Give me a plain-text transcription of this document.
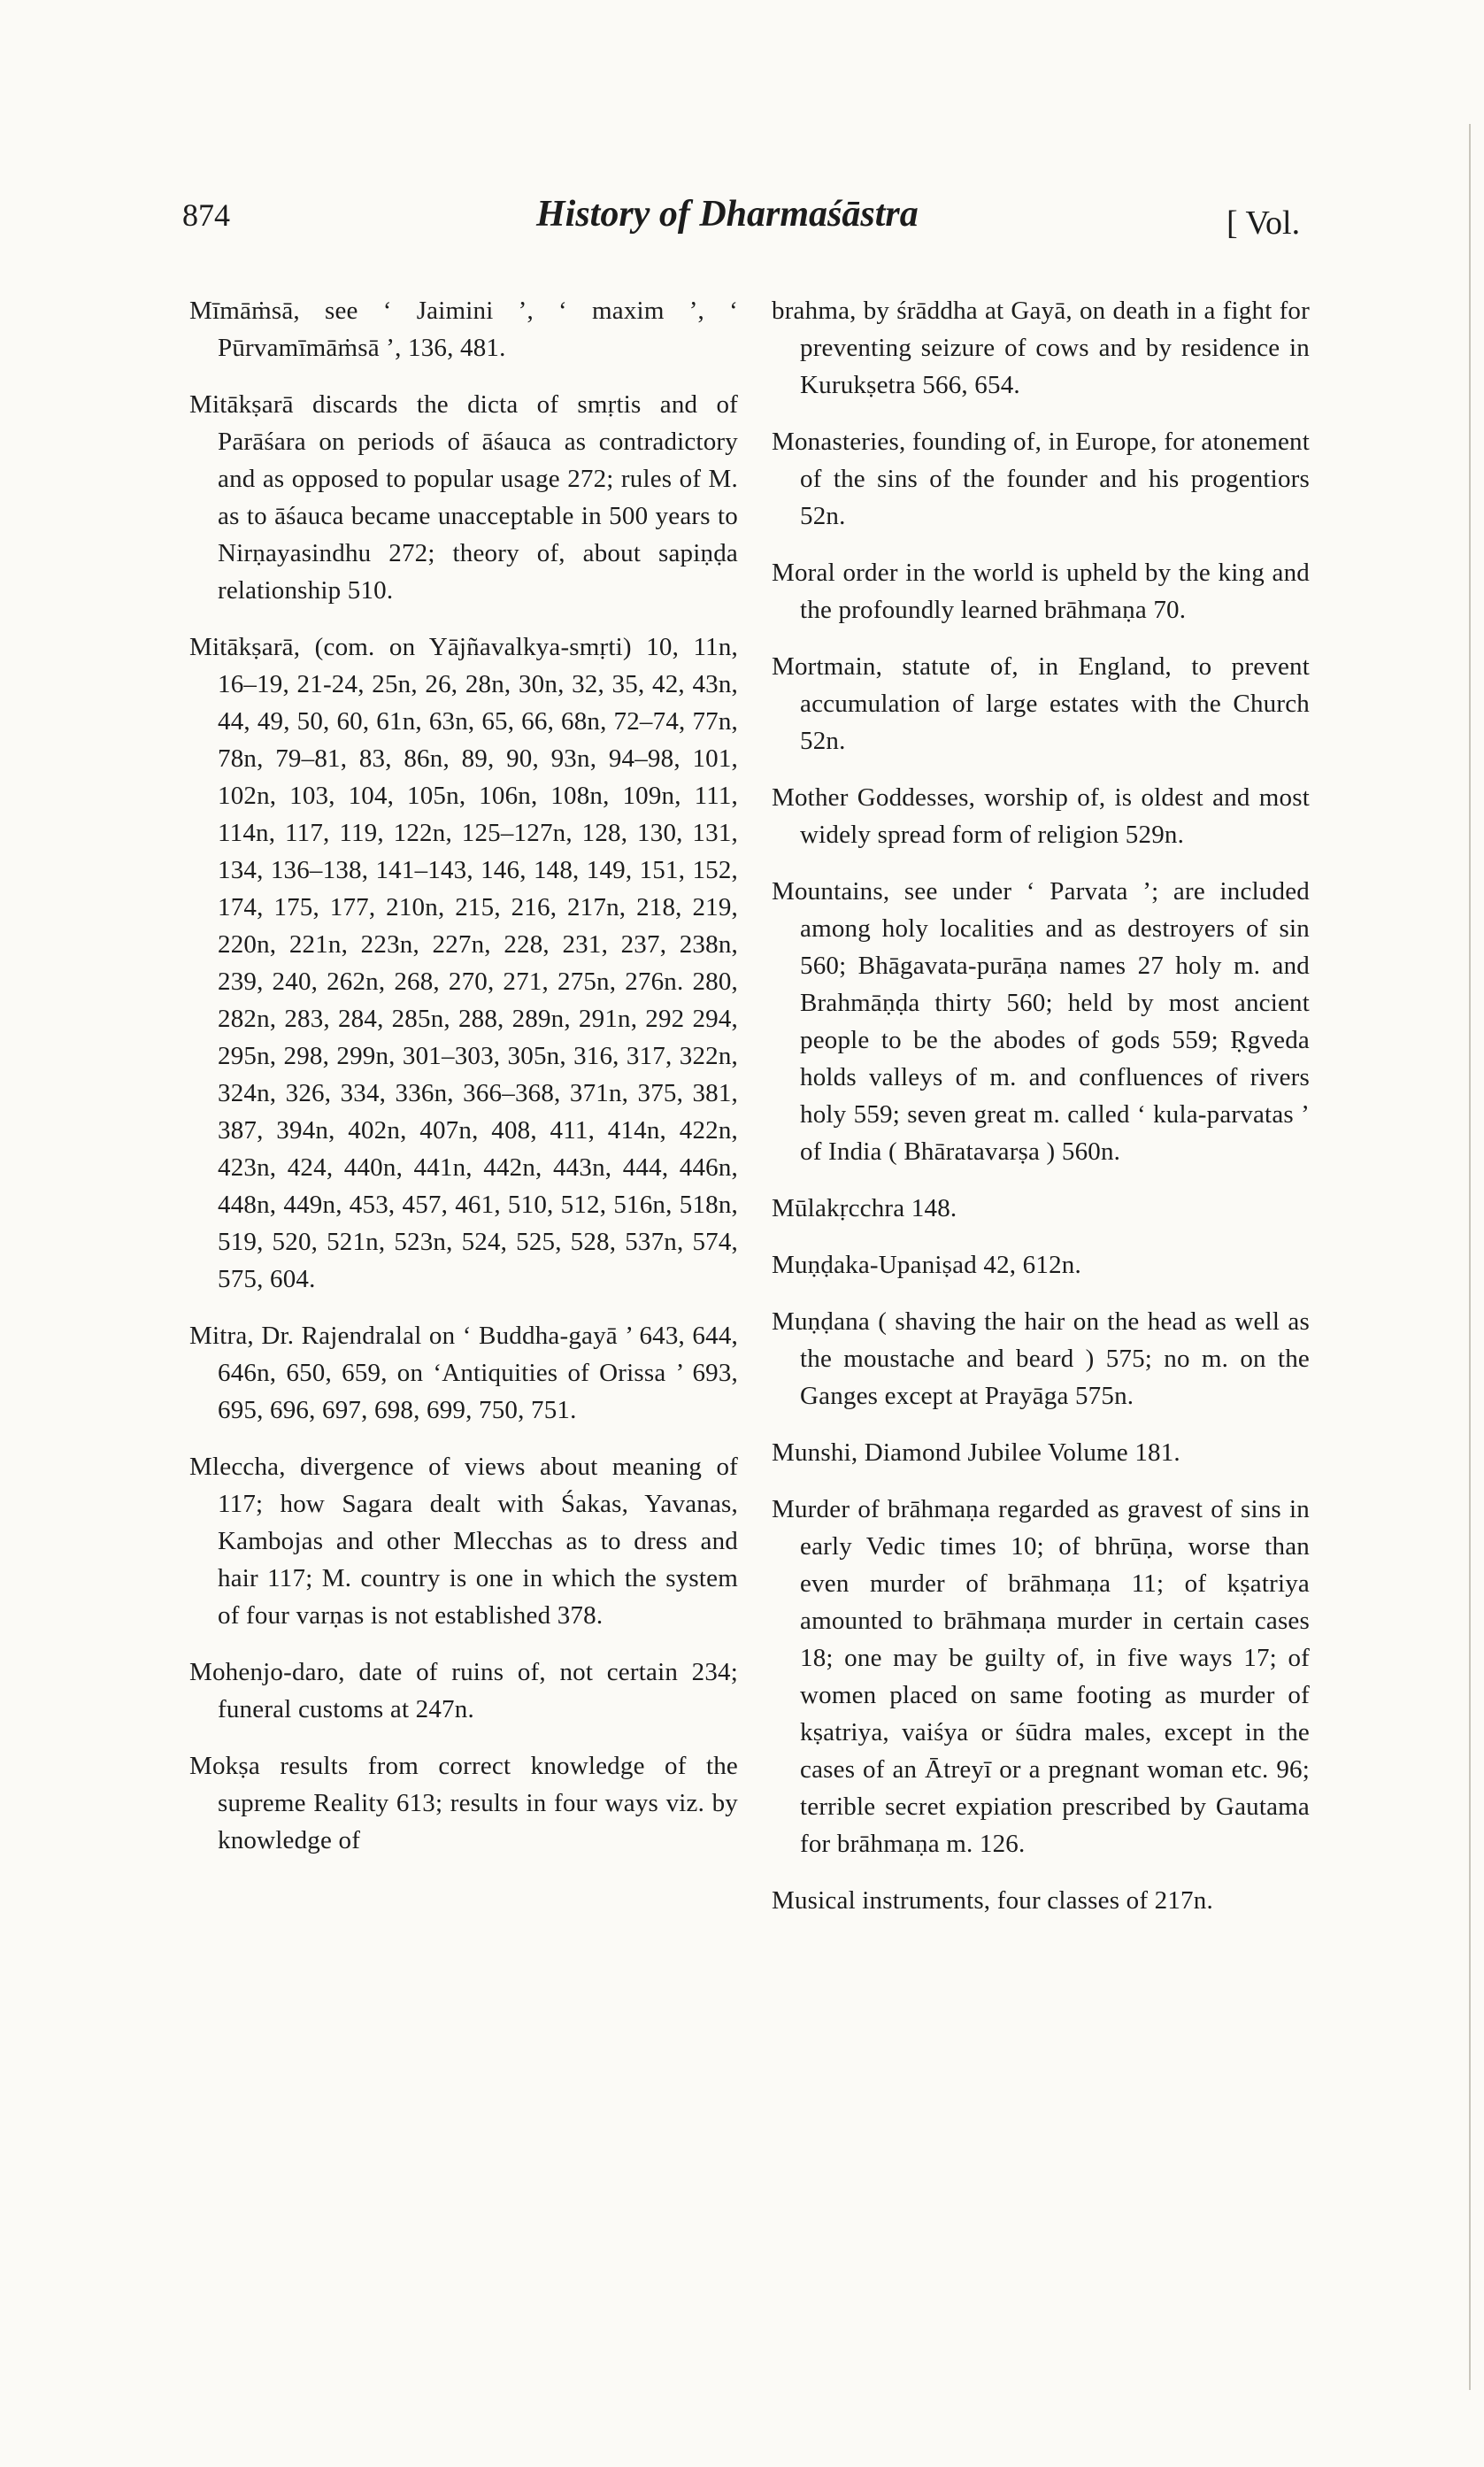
874	History of Dharmaśāstra	[ Vol.

Mīmāṁsā, see ‘ Jaimini ’, ‘ maxim ’, ‘ Pūrvamīmāṁsā ’, 136, 481.

Mitākṣarā discards the dicta of smṛtis and of Parāśara on periods of āśauca as contradictory and as opposed to popular usage 272; rules of M. as to āśauca became unacceptable in 500 years to Nirṇayasindhu 272; theory of, about sapiṇḍa relationship 510.

Mitākṣarā, (com. on Yājñavalkya-smṛti) 10, 11n, 16–19, 21-24, 25n, 26, 28n, 30n, 32, 35, 42, 43n, 44, 49, 50, 60, 61n, 63n, 65, 66, 68n, 72–74, 77n, 78n, 79–81, 83, 86n, 89, 90, 93n, 94–98, 101, 102n, 103, 104, 105n, 106n, 108n, 109n, 111, 114n, 117, 119, 122n, 125–127n, 128, 130, 131, 134, 136–138, 141–143, 146, 148, 149, 151, 152, 174, 175, 177, 210n, 215, 216, 217n, 218, 219, 220n, 221n, 223n, 227n, 228, 231, 237, 238n, 239, 240, 262n, 268, 270, 271, 275n, 276n. 280, 282n, 283, 284, 285n, 288, 289n, 291n, 292 294, 295n, 298, 299n, 301–303, 305n, 316, 317, 322n, 324n, 326, 334, 336n, 366–368, 371n, 375, 381, 387, 394n, 402n, 407n, 408, 411, 414n, 422n, 423n, 424, 440n, 441n, 442n, 443n, 444, 446n, 448n, 449n, 453, 457, 461, 510, 512, 516n, 518n, 519, 520, 521n, 523n, 524, 525, 528, 537n, 574, 575, 604.

Mitra, Dr. Rajendralal on ‘ Buddha-gayā ’ 643, 644, 646n, 650, 659, on ‘Antiquities of Orissa ’ 693, 695, 696, 697, 698, 699, 750, 751.

Mleccha, divergence of views about meaning of 117; how Sagara dealt with Śakas, Yavanas, Kambojas and other Mlecchas as to dress and hair 117; M. country is one in which the system of four varṇas is not established 378.

Mohenjo-daro, date of ruins of, not certain 234; funeral customs at 247n.

Mokṣa results from correct knowledge of the supreme Reality 613; results in four ways viz. by knowledge of

brahma, by śrāddha at Gayā, on death in a fight for preventing seizure of cows and by residence in Kurukṣetra 566, 654.

Monasteries, founding of, in Europe, for atonement of the sins of the founder and his progentiors 52n.

Moral order in the world is upheld by the king and the profoundly learned brāhmaṇa 70.

Mortmain, statute of, in England, to prevent accumulation of large estates with the Church 52n.

Mother Goddesses, worship of, is oldest and most widely spread form of religion 529n.

Mountains, see under ‘ Parvata ’; are included among holy localities and as destroyers of sin 560; Bhāgavata-purāṇa names 27 holy m. and Brahmāṇḍa thirty 560; held by most ancient people to be the abodes of gods 559; Ṛgveda holds valleys of m. and confluences of rivers holy 559; seven great m. called ‘ kula-parvatas ’ of India ( Bhāratavarṣa ) 560n.

Mūlakṛcchra 148.

Muṇḍaka-Upaniṣad 42, 612n.

Muṇḍana ( shaving the hair on the head as well as the moustache and beard ) 575; no m. on the Ganges except at Prayāga 575n.

Munshi, Diamond Jubilee Volume 181.

Murder of brāhmaṇa regarded as gravest of sins in early Vedic times 10; of bhrūṇa, worse than even murder of brāhmaṇa 11; of kṣatriya amounted to brāhmaṇa murder in certain cases 18; one may be guilty of, in five ways 17; of women placed on same footing as murder of kṣatriya, vaiśya or śūdra males, except in the cases of an Ātreyī or a pregnant woman etc. 96; terrible secret expiation prescribed by Gautama for brāhmaṇa m. 126.

Musical instruments, four classes of 217n.
